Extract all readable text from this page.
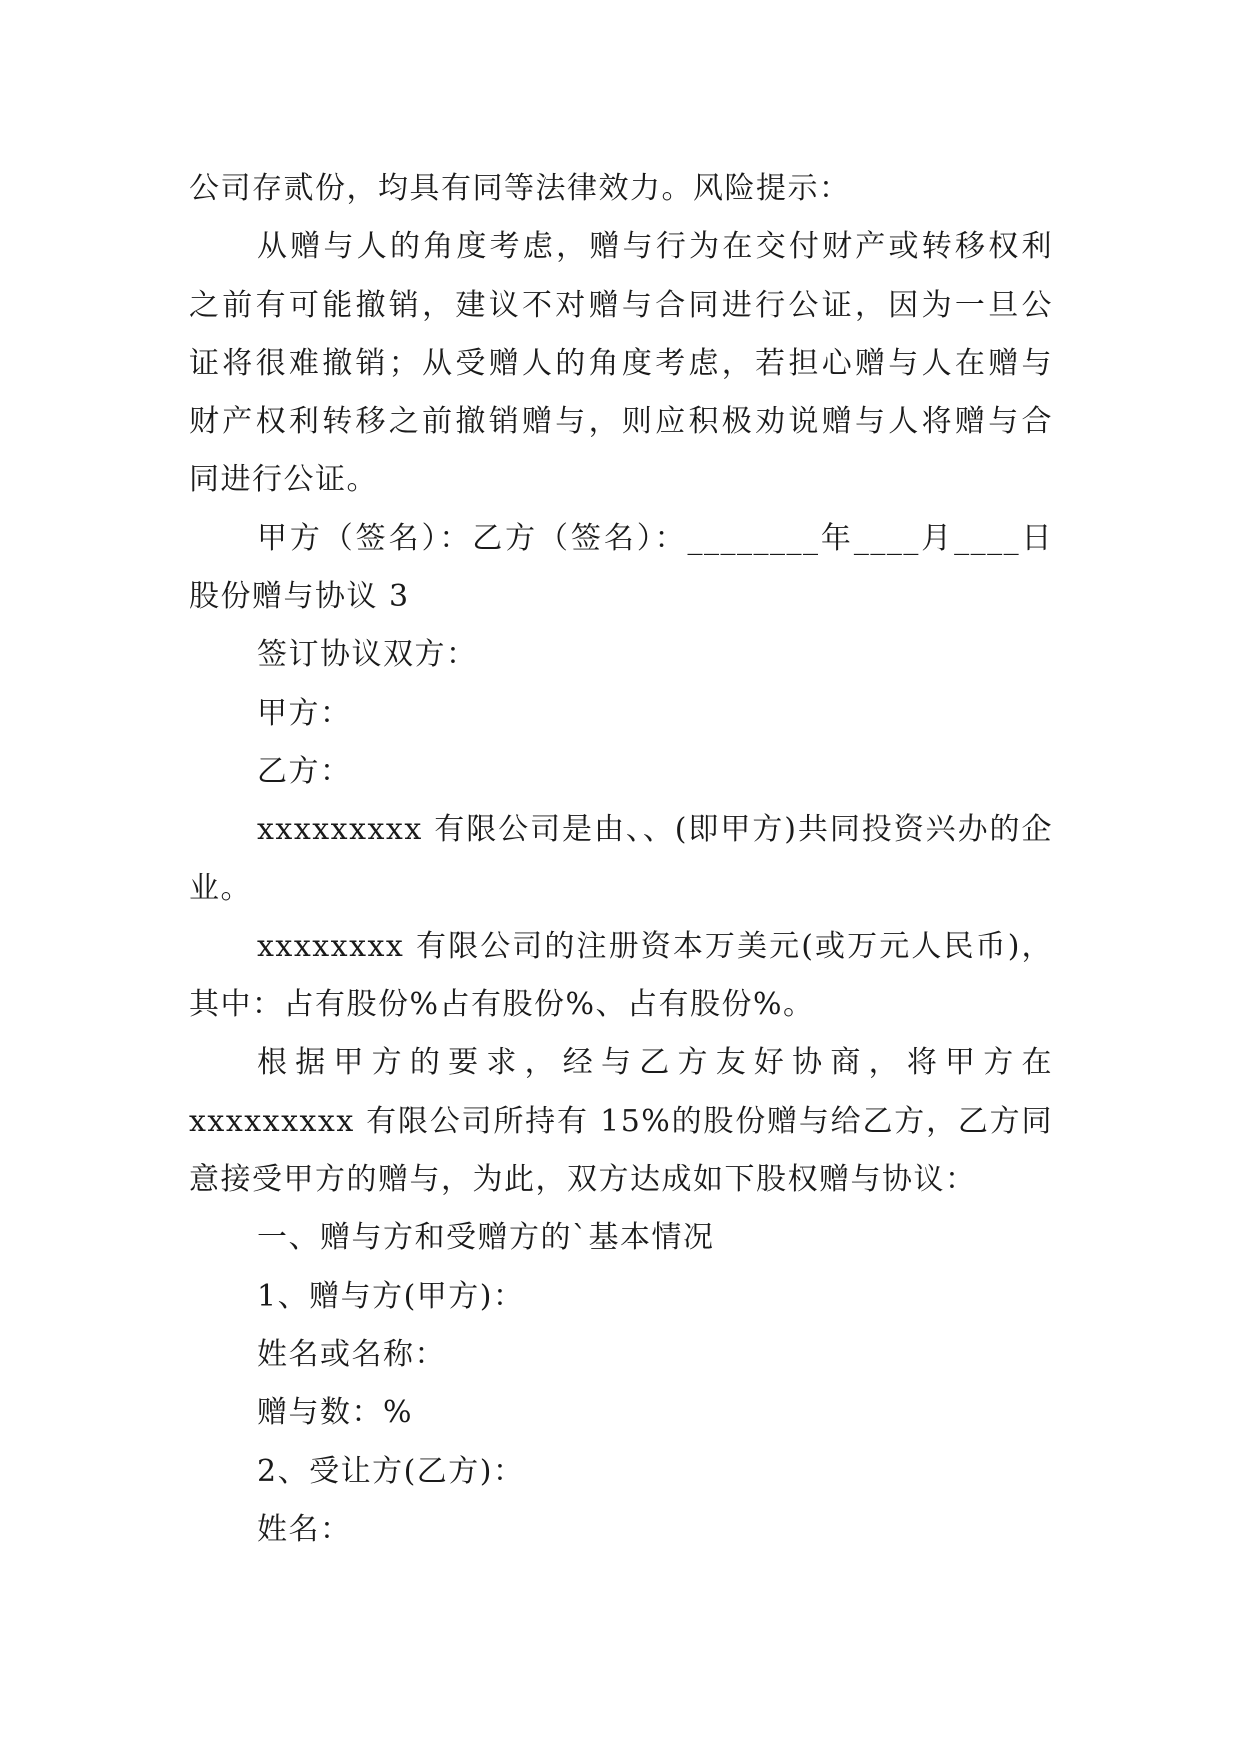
公司存贰份，均具有同等法律效力。风险提示：
从赠与人的角度考虑，赠与行为在交付财产或转移权利
之前有可能撤销，建议不对赠与合同进行公证，因为一旦公
证将很难撤销；从受赠人的角度考虑，若担心赠与人在赠与
财产权利转移之前撤销赠与，则应积极劝说赠与人将赠与合
同进行公证。
甲方（签名）：乙方（签名）：________年____月____日
股份赠与协议 3
签订协议双方：
甲方：
乙方：
xxxxxxxxx 有限公司是由、、(即甲方)共同投资兴办的企
业。
xxxxxxxx 有限公司的注册资本万美元(或万元人民币)，
其中：占有股份%占有股份%、占有股份%。
根据甲方的要求，经与乙方友好协商，将甲方在
xxxxxxxxx 有限公司所持有 15%的股份赠与给乙方，乙方同
意接受甲方的赠与，为此，双方达成如下股权赠与协议：
一、赠与方和受赠方的`基本情况
1、赠与方(甲方)：
姓名或名称：
赠与数：%
2、受让方(乙方)：
姓名：
